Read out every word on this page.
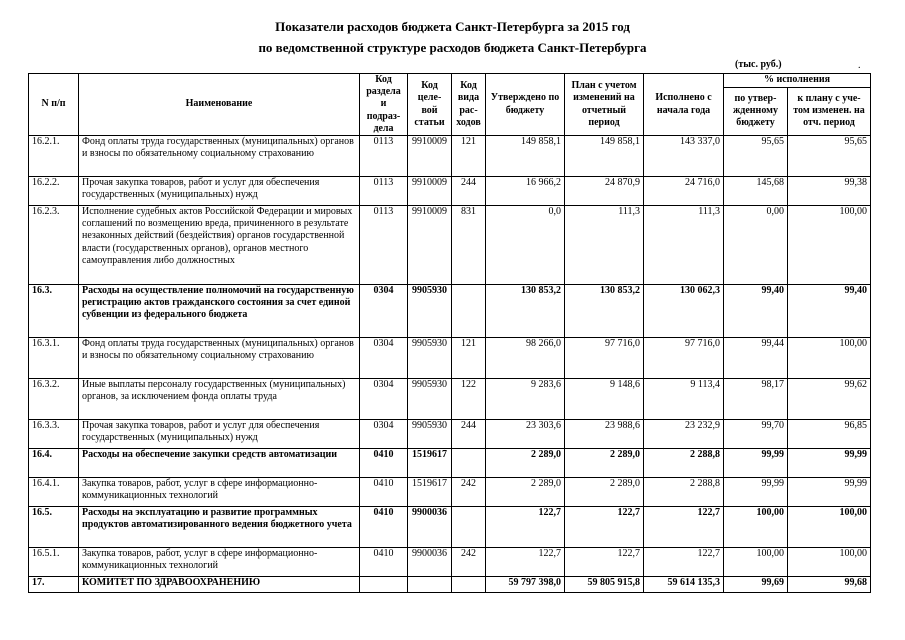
Показатели расходов бюджета Санкт-Петербурга за 2015 год
по ведомственной структуре расходов бюджета Санкт-Петербурга
(тыс. руб.)	.
N п/п	Наименование	Код раздела и подраз-дела	Код целе-вой статьи	Код вида рас-ходов	Утверждено по бюджету	План с учетом изменений на отчетный период	Исполнено с начала года	% исполнения	
								по утвер-жденному бюджету	к плану с уче-том изменен. на отч. период
16.2.1.	Фонд оплаты труда государственных (муниципальных) органов и взносы по обязательному социальному страхованию	0113	9910009	121	149 858,1	149 858,1	143 337,0	95,65	95,65
16.2.2.	Прочая закупка товаров, работ и услуг для обеспечения государственных (муниципальных) нужд	0113	9910009	244	16 966,2	24 870,9	24 716,0	145,68	99,38
16.2.3.	Исполнение судебных актов Российской Федерации и мировых соглашений по возмещению вреда, причиненного в результате незаконных действий (бездействия) органов государственной власти (государственных органов), органов местного самоуправления либо должностных	0113	9910009	831	0,0	111,3	111,3	0,00	100,00
16.3.	Расходы на осуществление полномочий на государственную регистрацию актов гражданского состояния за счет единой субвенции из федерального бюджета	0304	9905930		130 853,2	130 853,2	130 062,3	99,40	99,40
16.3.1.	Фонд оплаты труда государственных (муниципальных) органов и взносы по обязательному социальному страхованию	0304	9905930	121	98 266,0	97 716,0	97 716,0	99,44	100,00
16.3.2.	Иные выплаты персоналу государственных (муниципальных) органов, за исключением фонда оплаты труда	0304	9905930	122	9 283,6	9 148,6	9 113,4	98,17	99,62
16.3.3.	Прочая закупка товаров, работ и услуг для обеспечения государственных (муниципальных) нужд	0304	9905930	244	23 303,6	23 988,6	23 232,9	99,70	96,85
16.4.	Расходы на обеспечение закупки средств автоматизации	0410	1519617		2 289,0	2 289,0	2 288,8	99,99	99,99
16.4.1.	Закупка товаров, работ, услуг в сфере информационно-коммуникационных технологий	0410	1519617	242	2 289,0	2 289,0	2 288,8	99,99	99,99
16.5.	Расходы на эксплуатацию и развитие программных продуктов автоматизированного ведения бюджетного учета	0410	9900036		122,7	122,7	122,7	100,00	100,00
16.5.1.	Закупка товаров, работ, услуг в сфере информационно-коммуникационных технологий	0410	9900036	242	122,7	122,7	122,7	100,00	100,00
17.	КОМИТЕТ ПО ЗДРАВООХРАНЕНИЮ				59 797 398,0	59 805 915,8	59 614 135,3	99,69	99,68
